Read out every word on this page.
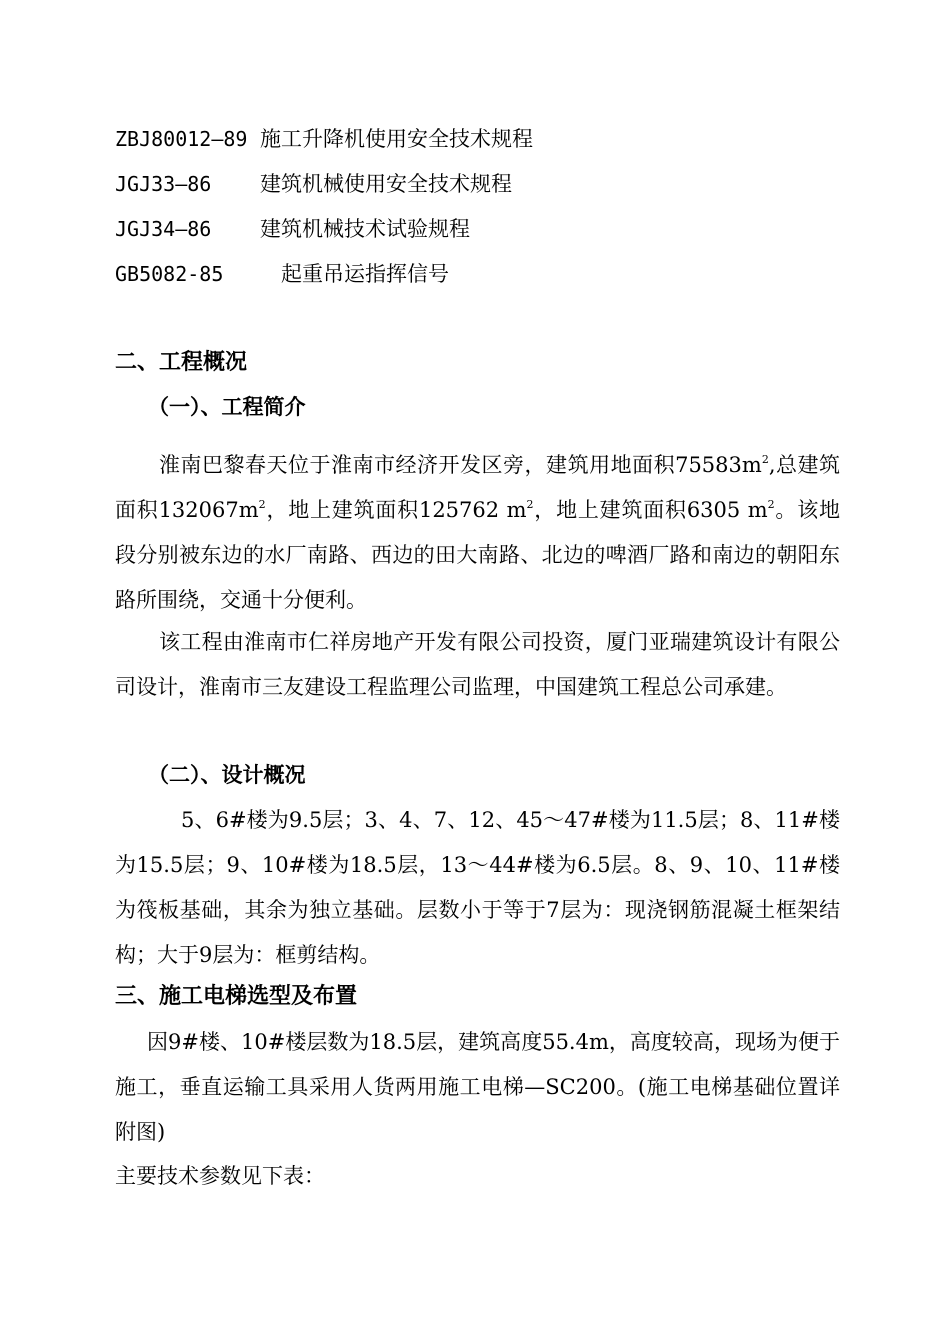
ZBJ80012—89 施工升降机使用安全技术规程
JGJ33—86 建筑机械使用安全技术规程
JGJ34—86 建筑机械技术试验规程
GB5082-85	起重吊运指挥信号
二、工程概况
（一）、工程简介
淮南巴黎春天位于淮南市经济开发区旁，建筑用地面积$75583m^2$,总建筑面积$132067m^2$，地上建筑面积125762 $m^2$，地上建筑面积6305 $m^2$。该地段分别被东边的水厂南路、西边的田大南路、北边的啤酒厂路和南边的朝阳东路所围绕，交通十分便利。
该工程由淮南市仁祥房地产开发有限公司投资，厦门亚瑞建筑设计有限公司设计，淮南市三友建设工程监理公司监理，中国建筑工程总公司承建。
（二）、设计概况
5、6#楼为9.5层；3、4、7、12、45～47#楼为11.5层；8、11#楼为15.5层；9、10#楼为18.5层，13～44#楼为6.5层。8、9、10、11#楼为筏板基础，其余为独立基础。层数小于等于7层为：现浇钢筋混凝土框架结构；大于9层为：框剪结构。
三、施工电梯选型及布置
因9#楼、10#楼层数为18.5层，建筑高度55.4m，高度较高，现场为便于施工，垂直运输工具采用人货两用施工电梯—SC200。(施工电梯基础位置详附图)
主要技术参数见下表：
